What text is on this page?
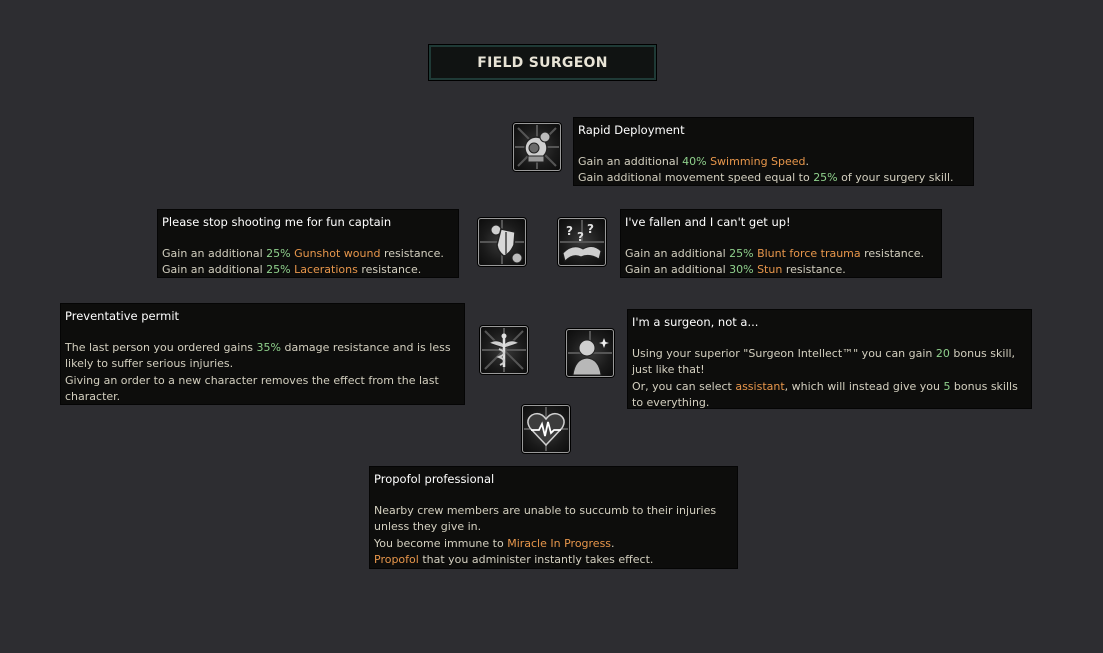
FIELD SURGEON
? ?
?
Rapid Deployment
Gain an additional 40% Swimming Speed.
Gain additional movement speed equal to 25% of your surgery skill.
Please stop shooting me for fun captain
Gain an additional 25% Gunshot wound resistance.
Gain an additional 25% Lacerations resistance.
I've fallen and I can't get up!
Gain an additional 25% Blunt force trauma resistance.
Gain an additional 30% Stun resistance.
Preventative permit
The last person you ordered gains 35% damage resistance and is less likely to suffer serious injuries.
Giving an order to a new character removes the effect from the last character.
I'm a surgeon, not a...
Using your superior "Surgeon Intellect™" you can gain 20 bonus skill, just like that!
Or, you can select assistant, which will instead give you 5 bonus skills to everything.
Propofol professional
Nearby crew members are unable to succumb to their injuries unless they give in.
You become immune to Miracle In Progress.
Propofol that you administer instantly takes effect.
